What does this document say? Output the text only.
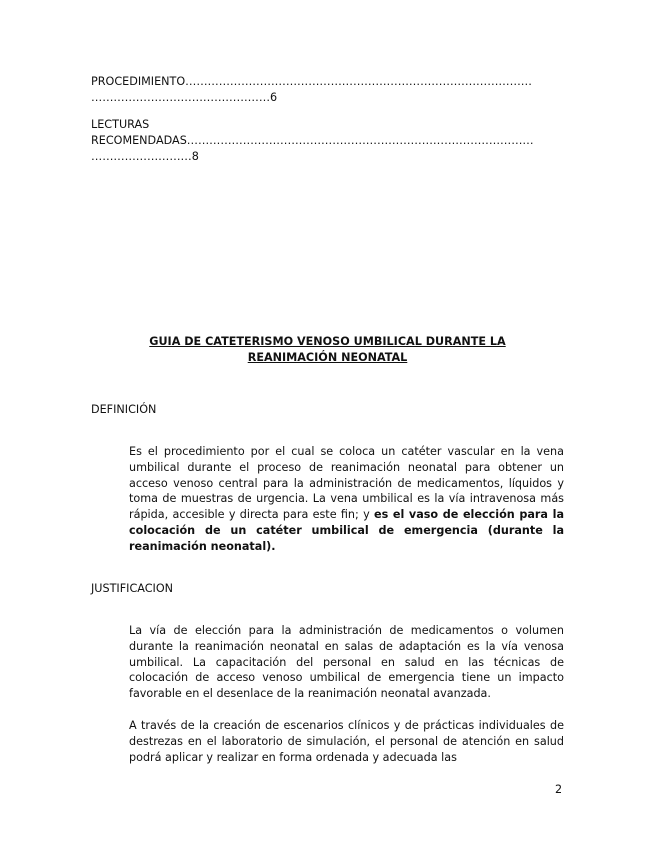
PROCEDIMIENTO…………………………………………………………………………………
…………………………………………6
LECTURAS
RECOMENDADAS…………………………………………………………………………………
………………………8
GUIA DE CATETERISMO VENOSO UMBILICAL DURANTE LA
REANIMACIÓN NEONATAL
DEFINICIÓN
Es el procedimiento por el cual se coloca un catéter vascular en la vena umbilical durante el proceso de reanimación neonatal para obtener un acceso venoso central para la administración de medicamentos, líquidos y toma de muestras de urgencia. La vena umbilical es la vía intravenosa más rápida, accesible y directa para este fin; y es el vaso de elección para la colocación de un catéter umbilical de emergencia (durante la reanimación neonatal).
JUSTIFICACION
La vía de elección para la administración de medicamentos o volumen durante la reanimación neonatal en salas de adaptación es la vía venosa umbilical. La capacitación del personal en salud en las técnicas de colocación de acceso venoso umbilical de emergencia tiene un impacto favorable en el desenlace de la reanimación neonatal avanzada.
A través de la creación de escenarios clínicos y de prácticas individuales de destrezas en el laboratorio de simulación, el personal de atención en salud podrá aplicar y realizar en forma ordenada y adecuada las
2
